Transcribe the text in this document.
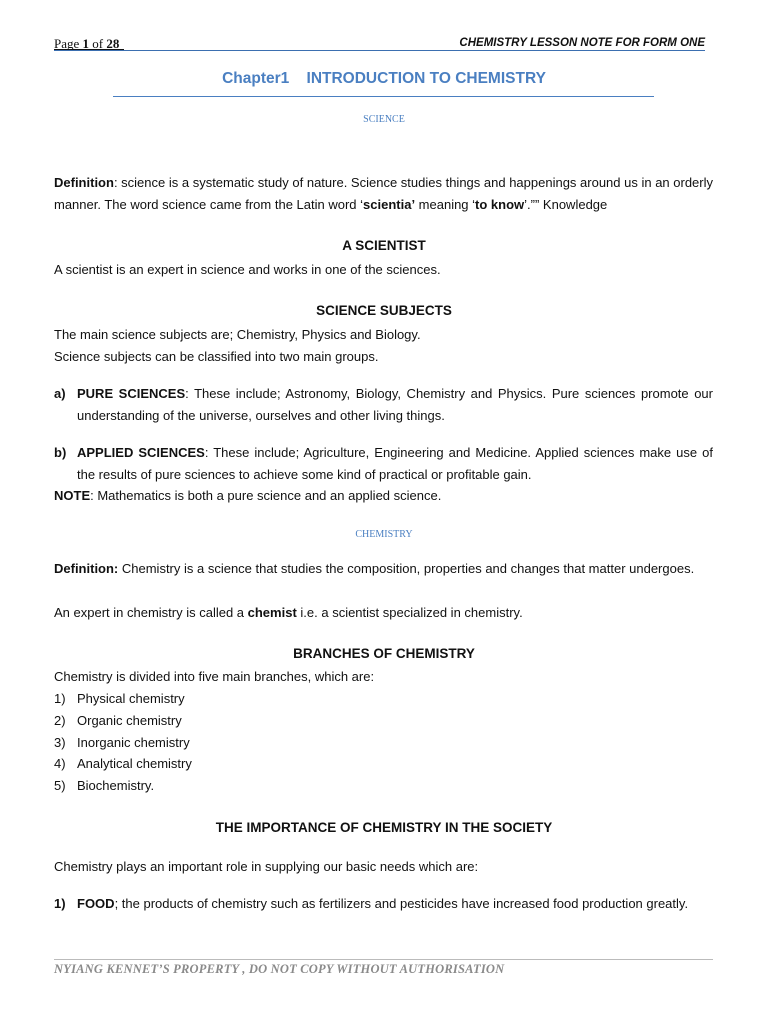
Page 1 of 28	CHEMISTRY LESSON NOTE FOR FORM ONE
Chapter1 INTRODUCTION TO CHEMISTRY
SCIENCE
Definition: science is a systematic study of nature. Science studies things and happenings around us in an orderly manner. The word science came from the Latin word ‘scientia’ meaning ‘to know’.”” Knowledge
A SCIENTIST
A scientist is an expert in science and works in one of the sciences.
SCIENCE SUBJECTS
The main science subjects are; Chemistry, Physics and Biology.
Science subjects can be classified into two main groups.
a) PURE SCIENCES: These include; Astronomy, Biology, Chemistry and Physics. Pure sciences promote our understanding of the universe, ourselves and other living things.
b) APPLIED SCIENCES: These include; Agriculture, Engineering and Medicine. Applied sciences make use of the results of pure sciences to achieve some kind of practical or profitable gain.
NOTE: Mathematics is both a pure science and an applied science.
CHEMISTRY
Definition: Chemistry is a science that studies the composition, properties and changes that matter undergoes.
An expert in chemistry is called a chemist i.e. a scientist specialized in chemistry.
BRANCHES OF CHEMISTRY
Chemistry is divided into five main branches, which are:
1) Physical chemistry
2) Organic chemistry
3) Inorganic chemistry
4) Analytical chemistry
5) Biochemistry.
THE IMPORTANCE OF CHEMISTRY IN THE SOCIETY
Chemistry plays an important role in supplying our basic needs which are:
1) FOOD; the products of chemistry such as fertilizers and pesticides have increased food production greatly.
NYIANG KENNET’S PROPERTY , DO NOT COPY WITHOUT AUTHORISATION
